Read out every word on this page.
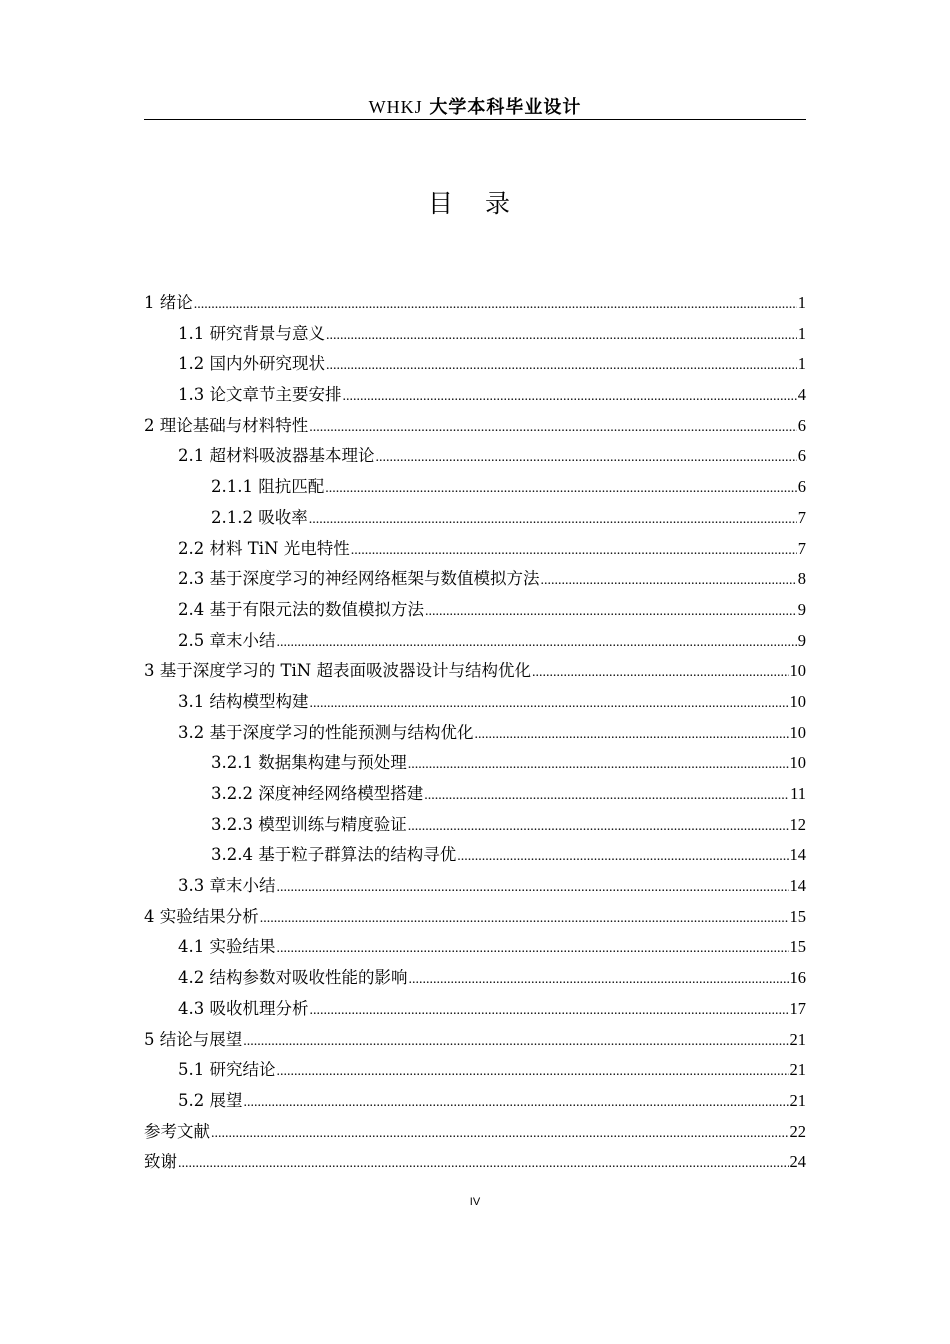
WHKJ 大学本科毕业设计
目 录
1 绪论 .....	1
1.1 研究背景与意义 .....	1
1.2 国内外研究现状 .....	1
1.3 论文章节主要安排 .....	4
2 理论基础与材料特性 .....	6
2.1 超材料吸波器基本理论 .....	6
2.1.1 阻抗匹配 .....	6
2.1.2 吸收率 .....	7
2.2 材料 TiN 光电特性 .....	7
2.3 基于深度学习的神经网络框架与数值模拟方法 .....	8
2.4 基于有限元法的数值模拟方法 .....	9
2.5 章末小结 .....	9
3 基于深度学习的 TiN 超表面吸波器设计与结构优化 .....	10
3.1 结构模型构建 .....	10
3.2 基于深度学习的性能预测与结构优化 .....	10
3.2.1 数据集构建与预处理 .....	10
3.2.2 深度神经网络模型搭建 .....	11
3.2.3 模型训练与精度验证 .....	12
3.2.4 基于粒子群算法的结构寻优 .....	14
3.3 章末小结 .....	14
4 实验结果分析 .....	15
4.1 实验结果 .....	15
4.2 结构参数对吸收性能的影响 .....	16
4.3 吸收机理分析 .....	17
5 结论与展望 .....	21
5.1 研究结论 .....	21
5.2 展望 .....	21
参考文献 .....	22
致谢 .....	24
IV
